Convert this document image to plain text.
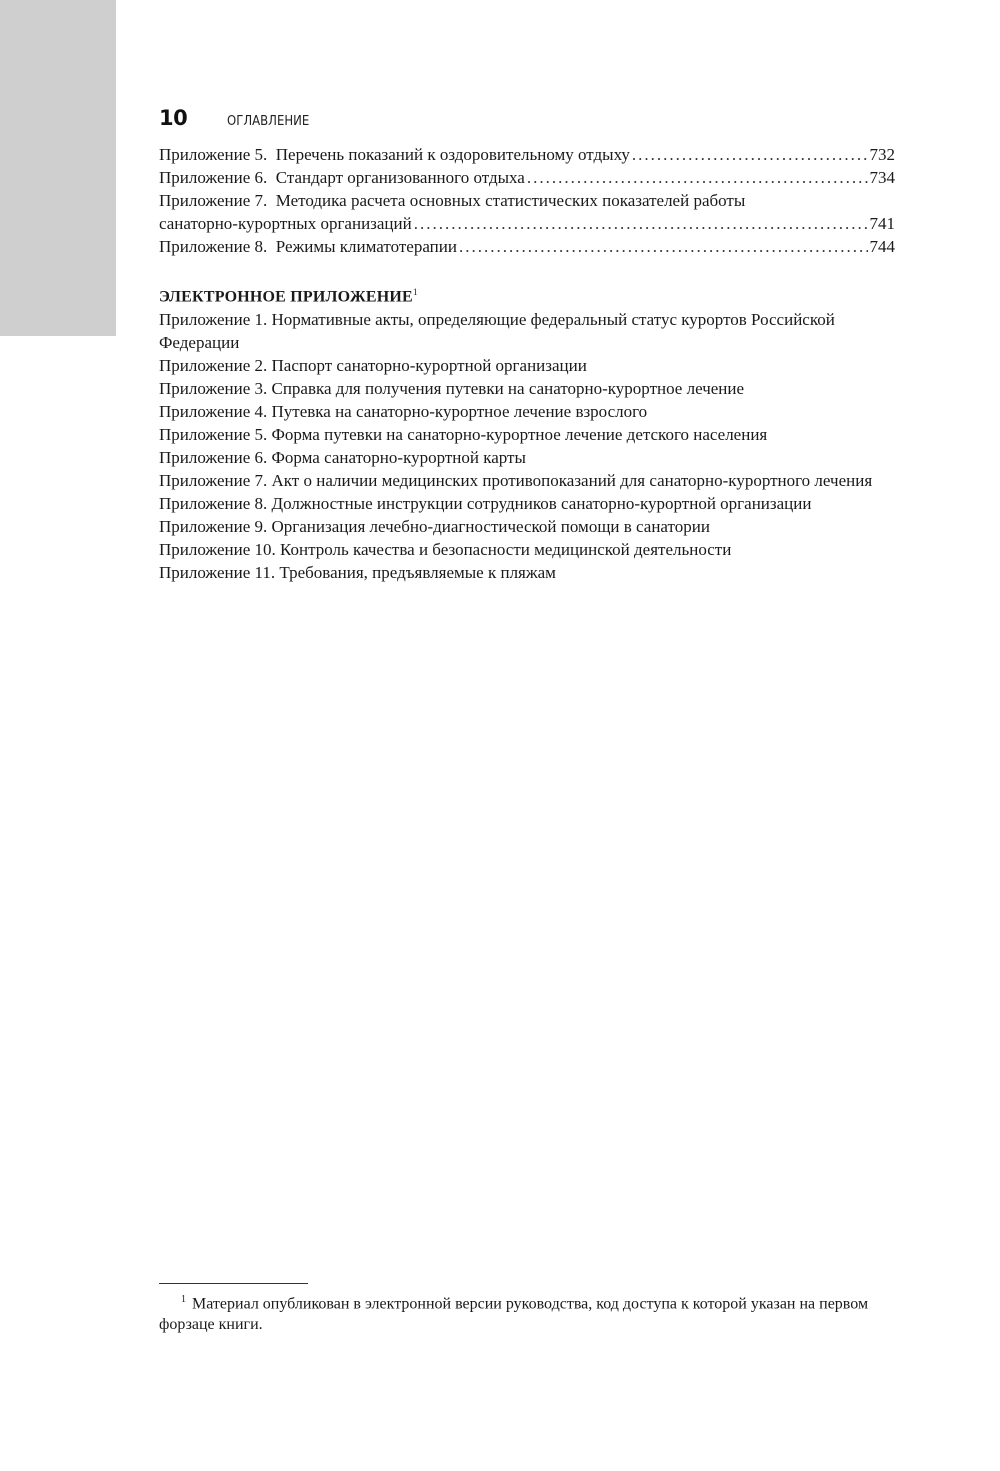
10	ОГЛАВЛЕНИЕ
Приложение 5.  Перечень показаний к оздоровительному отдыху .....	732
Приложение 6.  Стандарт организованного отдыха .....	734
Приложение 7.  Методика расчета основных статистических показателей работы
санаторно-курортных организаций .....	741
Приложение 8.  Режимы климатотерапии .....	744
ЭЛЕКТРОННОЕ ПРИЛОЖЕНИЕ$^1$
Приложение 1. Нормативные акты, определяющие федеральный статус курортов Российской Федерации
Приложение 2. Паспорт санаторно-курортной организации
Приложение 3. Справка для получения путевки на санаторно-курортное лечение
Приложение 4. Путевка на санаторно-курортное лечение взрослого
Приложение 5. Форма путевки на санаторно-курортное лечение детского населения
Приложение 6. Форма санаторно-курортной карты
Приложение 7. Акт о наличии медицинских противопоказаний для санаторно-курортного лечения
Приложение 8. Должностные инструкции сотрудников санаторно-курортной организации
Приложение 9. Организация лечебно-диагностической помощи в санатории
Приложение 10. Контроль качества и безопасности медицинской деятельности
Приложение 11. Требования, предъявляемые к пляжам
$^1$ Материал опубликован в электронной версии руководства, код доступа к которой указан на первом форзаце книги.
